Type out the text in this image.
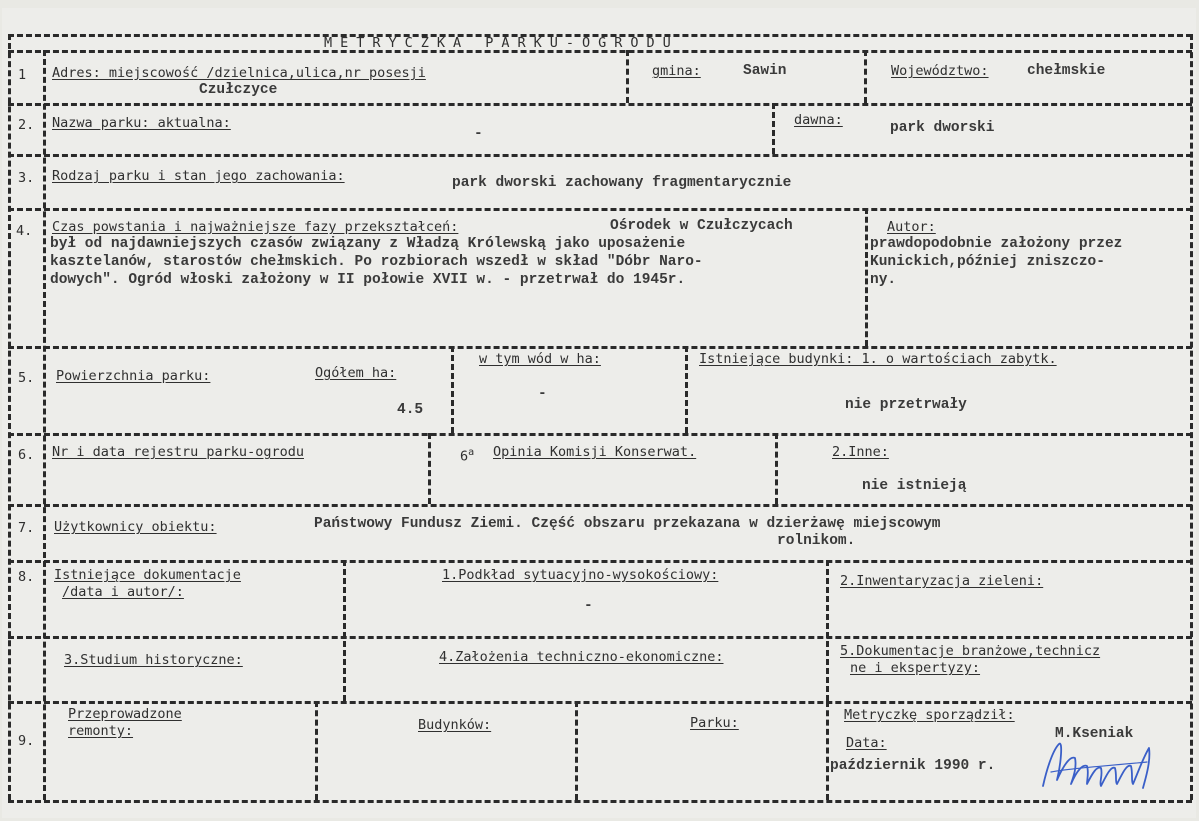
METRYCZKA PARKU-OGRODU
1 Adres: miejscowość /dzielnica,ulica,nr posesji
Czułczyce
gmina:	Sawin	Województwo:	chełmskie
2. Nazwa parku: aktualna:
-
dawna:	park dworski
3. Rodzaj parku i stan jego zachowania:	park dworski zachowany fragmentarycznie
4. Czas powstania i najważniejsze fazy przekształceń:	Ośrodek w Czułczycach
był od najdawniejszych czasów związany z Władzą Królewską jako uposażenie
kasztelanów, starostów chełmskich. Po rozbiorach wszedł w skład "Dóbr Naro-
dowych". Ogród włoski założony w II połowie XVII w. - przetrwał do 1945r.
Autor:
prawdopodobnie założony przez
Kunickich,później zniszczo-
ny.
5. Powierzchnia parku:	Ogółem ha:
4.5
w tym wód w ha:
-
Istniejące budynki: 1. o wartościach zabytk.
nie przetrwały
6. Nr i data rejestru parku-ogrodu	6$^a$ Opinia Komisji Konserwat.	2.Inne:
nie istnieją
7. Użytkownicy obiektu:	Państwowy Fundusz Ziemi. Część obszaru przekazana w dzierżawę miejscowym
rolnikom.
8. Istniejące dokumentacje
/data i autor/:
1.Podkład sytuacyjno-wysokościowy:
-
2.Inwentaryzacja zieleni:
3.Studium historyczne:	4.Założenia techniczno-ekonomiczne:	5.Dokumentacje branżowe,technicz
ne i ekspertyzy:
9.
Przeprowadzone
remonty:	Budynków:	Parku:	Metryczkę sporządził:
M.Kseniak
Data:
październik 1990 r.
